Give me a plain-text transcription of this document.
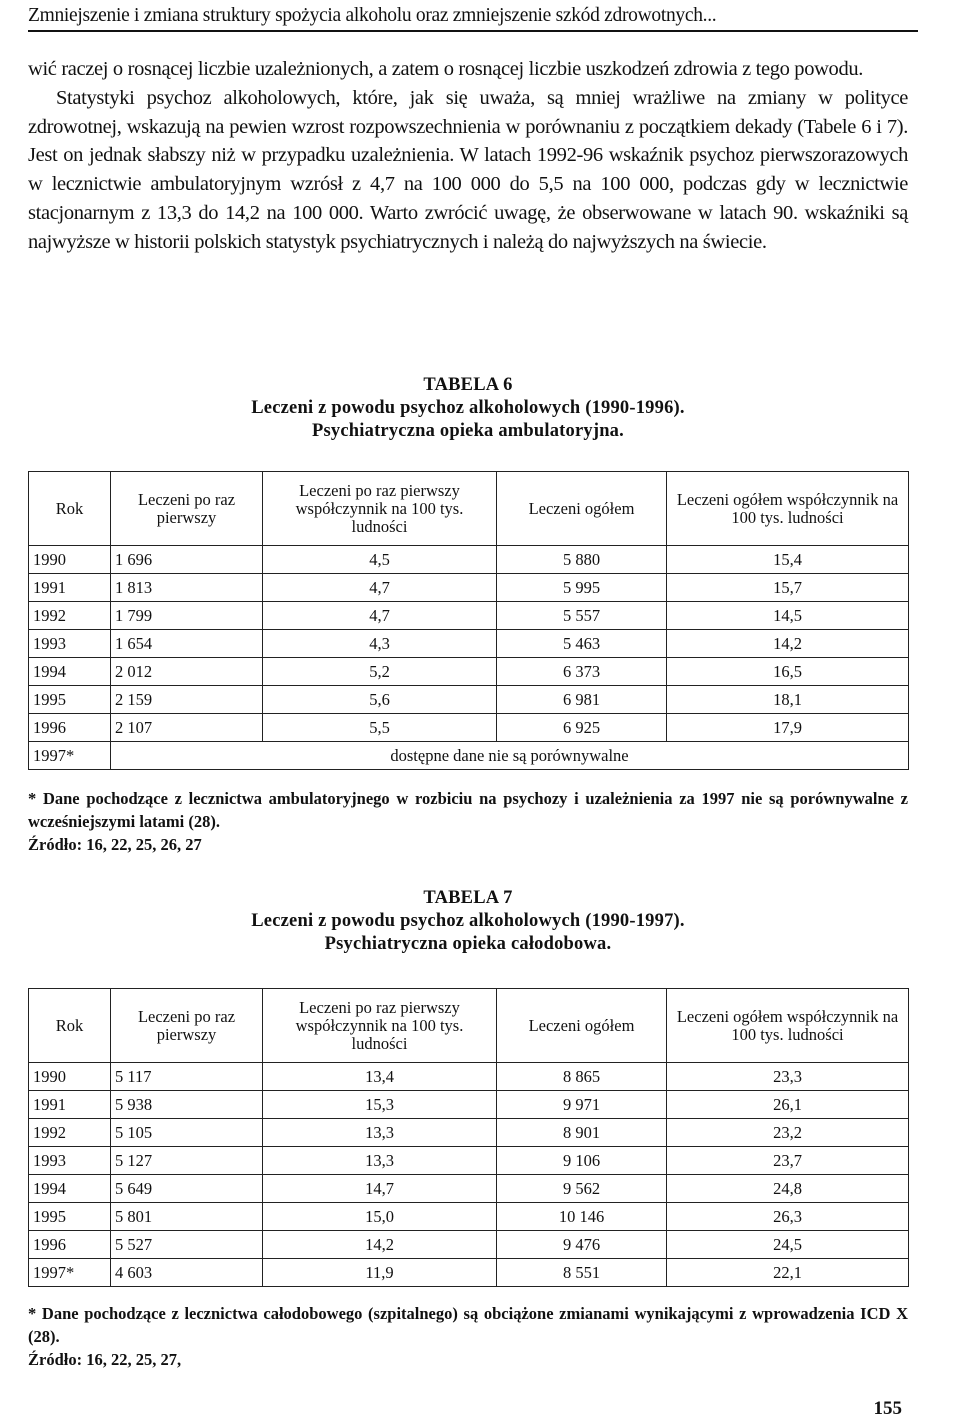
Zmniejszenie i zmiana struktury spożycia alkoholu oraz zmniejszenie szkód zdrowotnych...

wić raczej o rosnącej liczbie uzależnionych, a zatem o rosnącej liczbie uszkodzeń zdrowia z tego powodu.

Statystyki psychoz alkoholowych, które, jak się uważa, są mniej wrażliwe na zmiany w polityce zdrowotnej, wskazują na pewien wzrost rozpowszechnienia w porównaniu z początkiem dekady (Tabele 6 i 7). Jest on jednak słabszy niż w przypadku uzależnienia. W latach 1992-96 wskaźnik psychoz pierwszorazowych w lecznictwie ambulatoryjnym wzrósł z 4,7 na 100 000 do 5,5 na 100 000, podczas gdy w lecznictwie stacjonarnym z 13,3 do 14,2 na 100 000. Warto zwrócić uwagę, że obserwowane w latach 90. wskaźniki są najwyższe w historii polskich statystyk psychiatrycznych i należą do najwyższych na świecie.

TABELA 6
Leczeni z powodu psychoz alkoholowych (1990-1996).
Psychiatryczna opieka ambulatoryjna.
Rok	Leczeni po raz pierwszy	Leczeni po raz pierwszy współczynnik na 100 tys. ludności	Leczeni ogółem	Leczeni ogółem współczynnik na 100 tys. ludności
1990	1 696	4,5	5 880	15,4
1991	1 813	4,7	5 995	15,7
1992	1 799	4,7	5 557	14,5
1993	1 654	4,3	5 463	14,2
1994	2 012	5,2	6 373	16,5
1995	2 159	5,6	6 981	18,1
1996	2 107	5,5	6 925	17,9
1997*	dostępne dane nie są porównywalne			

* Dane pochodzące z lecznictwa ambulatoryjnego w rozbiciu na psychozy i uzależnienia za 1997 nie są porównywalne z wcześniejszymi latami (28).

Źródło: 16, 22, 25, 26, 27

TABELA 7
Leczeni z powodu psychoz alkoholowych (1990-1997).
Psychiatryczna opieka całodobowa.
Rok	Leczeni po raz pierwszy	Leczeni po raz pierwszy współczynnik na 100 tys. ludności	Leczeni ogółem	Leczeni ogółem współczynnik na 100 tys. ludności
1990	5 117	13,4	8 865	23,3
1991	5 938	15,3	9 971	26,1
1992	5 105	13,3	8 901	23,2
1993	5 127	13,3	9 106	23,7
1994	5 649	14,7	9 562	24,8
1995	5 801	15,0	10 146	26,3
1996	5 527	14,2	9 476	24,5
1997*	4 603	11,9	8 551	22,1

* Dane pochodzące z lecznictwa całodobowego (szpitalnego) są obciążone zmianami wynikającymi z wprowadzenia ICD X (28).

Źródło: 16, 22, 25, 27,

155
